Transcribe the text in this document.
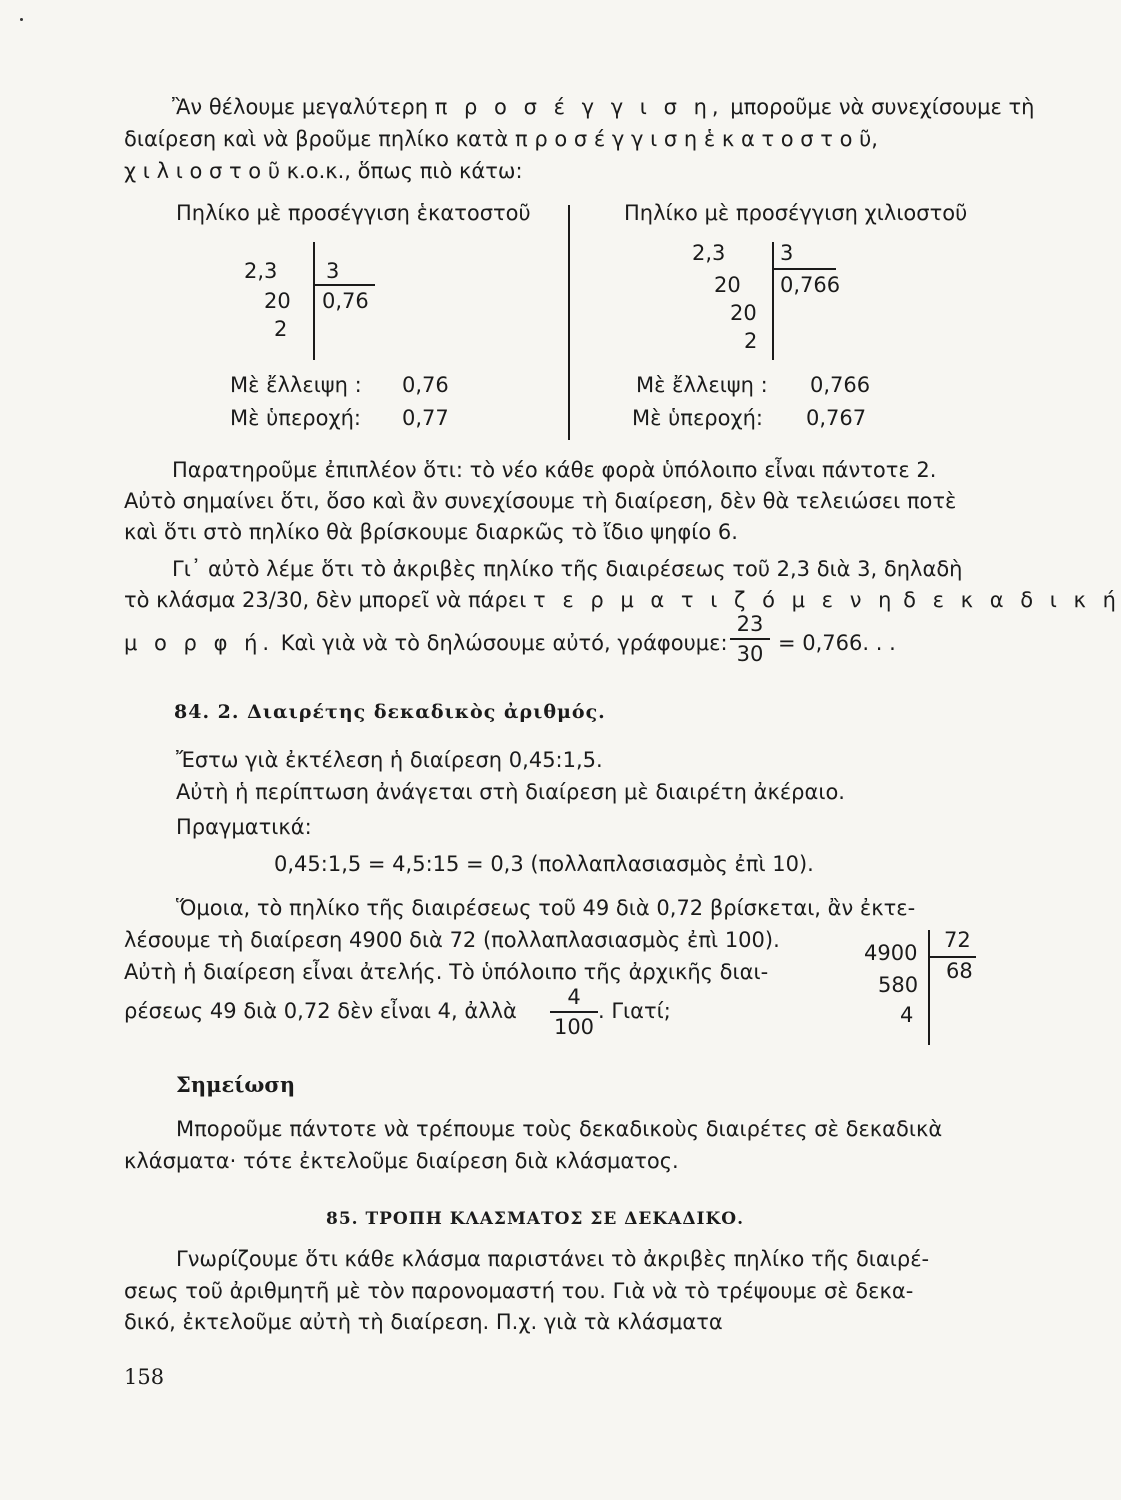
Ἂν θέλουμε μεγαλύτερη π ρ ο σ έ γ γ ι σ η, μποροῦμε νὰ συνεχίσουμε τὴ
διαίρεση καὶ νὰ βροῦμε πηλίκο κατὰ π ρ ο σ έ γ γ ι σ η ἑ κ α τ ο σ τ ο ῦ,
χ ι λ ι ο σ τ ο ῦ κ.ο.κ., ὅπως πιὸ κάτω:
Πηλίκο μὲ προσέγγιση ἑκατοστοῦ
2,3 3
20 0,76
2
Μὲ ἔλλειψη : 0,76
Μὲ ὑπεροχή: 0,77
Πηλίκο μὲ προσέγγιση χιλιοστοῦ
2,3	3
20 0,766
20
2
Μὲ ἔλλειψη : 0,766
Μὲ ὑπεροχή: 0,767
Παρατηροῦμε ἐπιπλέον ὅτι: τὸ νέο κάθε φορὰ ὑπόλοιπο εἶναι πάντοτε 2.
Αὐτὸ σημαίνει ὅτι, ὅσο καὶ ἂν συνεχίσουμε τὴ διαίρεση, δὲν θὰ τελειώσει ποτὲ
καὶ ὅτι στὸ πηλίκο θὰ βρίσκουμε διαρκῶς τὸ ἴδιο ψηφίο 6.
Γι᾽ αὐτὸ λέμε ὅτι τὸ ἀκριβὲς πηλίκο τῆς διαιρέσεως τοῦ 2,3 διὰ 3, δηλαδὴ
τὸ κλάσμα 23/30, δὲν μπορεῖ νὰ πάρει τ ε ρ μ α τ ι ζ ό μ ε ν η δ ε κ α δ ι κ ή
μ ο ρ φ ή. Καὶ γιὰ νὰ τὸ δηλώσουμε αὐτό, γράφουμε:
23
30 = 0,766. . .
84. 2. Διαιρέτης δεκαδικὸς ἀριθμός.
Ἔστω γιὰ ἐκτέλεση ἡ διαίρεση 0,45:1,5.
Αὐτὴ ἡ περίπτωση ἀνάγεται στὴ διαίρεση μὲ διαιρέτη ἀκέραιο.
Πραγματικά:
0,45:1,5 = 4,5:15 = 0,3 (πολλαπλασιασμὸς ἐπὶ 10).
Ὅμοια, τὸ πηλίκο τῆς διαιρέσεως τοῦ 49 διὰ 0,72 βρίσκεται, ἂν ἐκτε-
λέσουμε τὴ διαίρεση 4900 διὰ 72 (πολλαπλασιασμὸς ἐπὶ 100).
Αὐτὴ ἡ διαίρεση εἶναι ἀτελής. Τὸ ὑπόλοιπο τῆς ἀρχικῆς διαι-
ρέσεως 49 διὰ 0,72 δὲν εἶναι 4, ἀλλὰ
4
100
. Γιατί;
4900
72
68
580
4
Σημείωση
Μποροῦμε πάντοτε νὰ τρέπουμε τοὺς δεκαδικοὺς διαιρέτες σὲ δεκαδικὰ
κλάσματα· τότε ἐκτελοῦμε διαίρεση διὰ κλάσματος.
85. ΤΡΟΠΗ ΚΛΑΣΜΑΤΟΣ ΣΕ ΔΕΚΑΔΙΚΟ.
Γνωρίζουμε ὅτι κάθε κλάσμα παριστάνει τὸ ἀκριβὲς πηλίκο τῆς διαιρέ-
σεως τοῦ ἀριθμητῆ μὲ τὸν παρονομαστή του. Γιὰ νὰ τὸ τρέψουμε σὲ δεκα-
δικό, ἐκτελοῦμε αὐτὴ τὴ διαίρεση. Π.χ. γιὰ τὰ κλάσματα
158
